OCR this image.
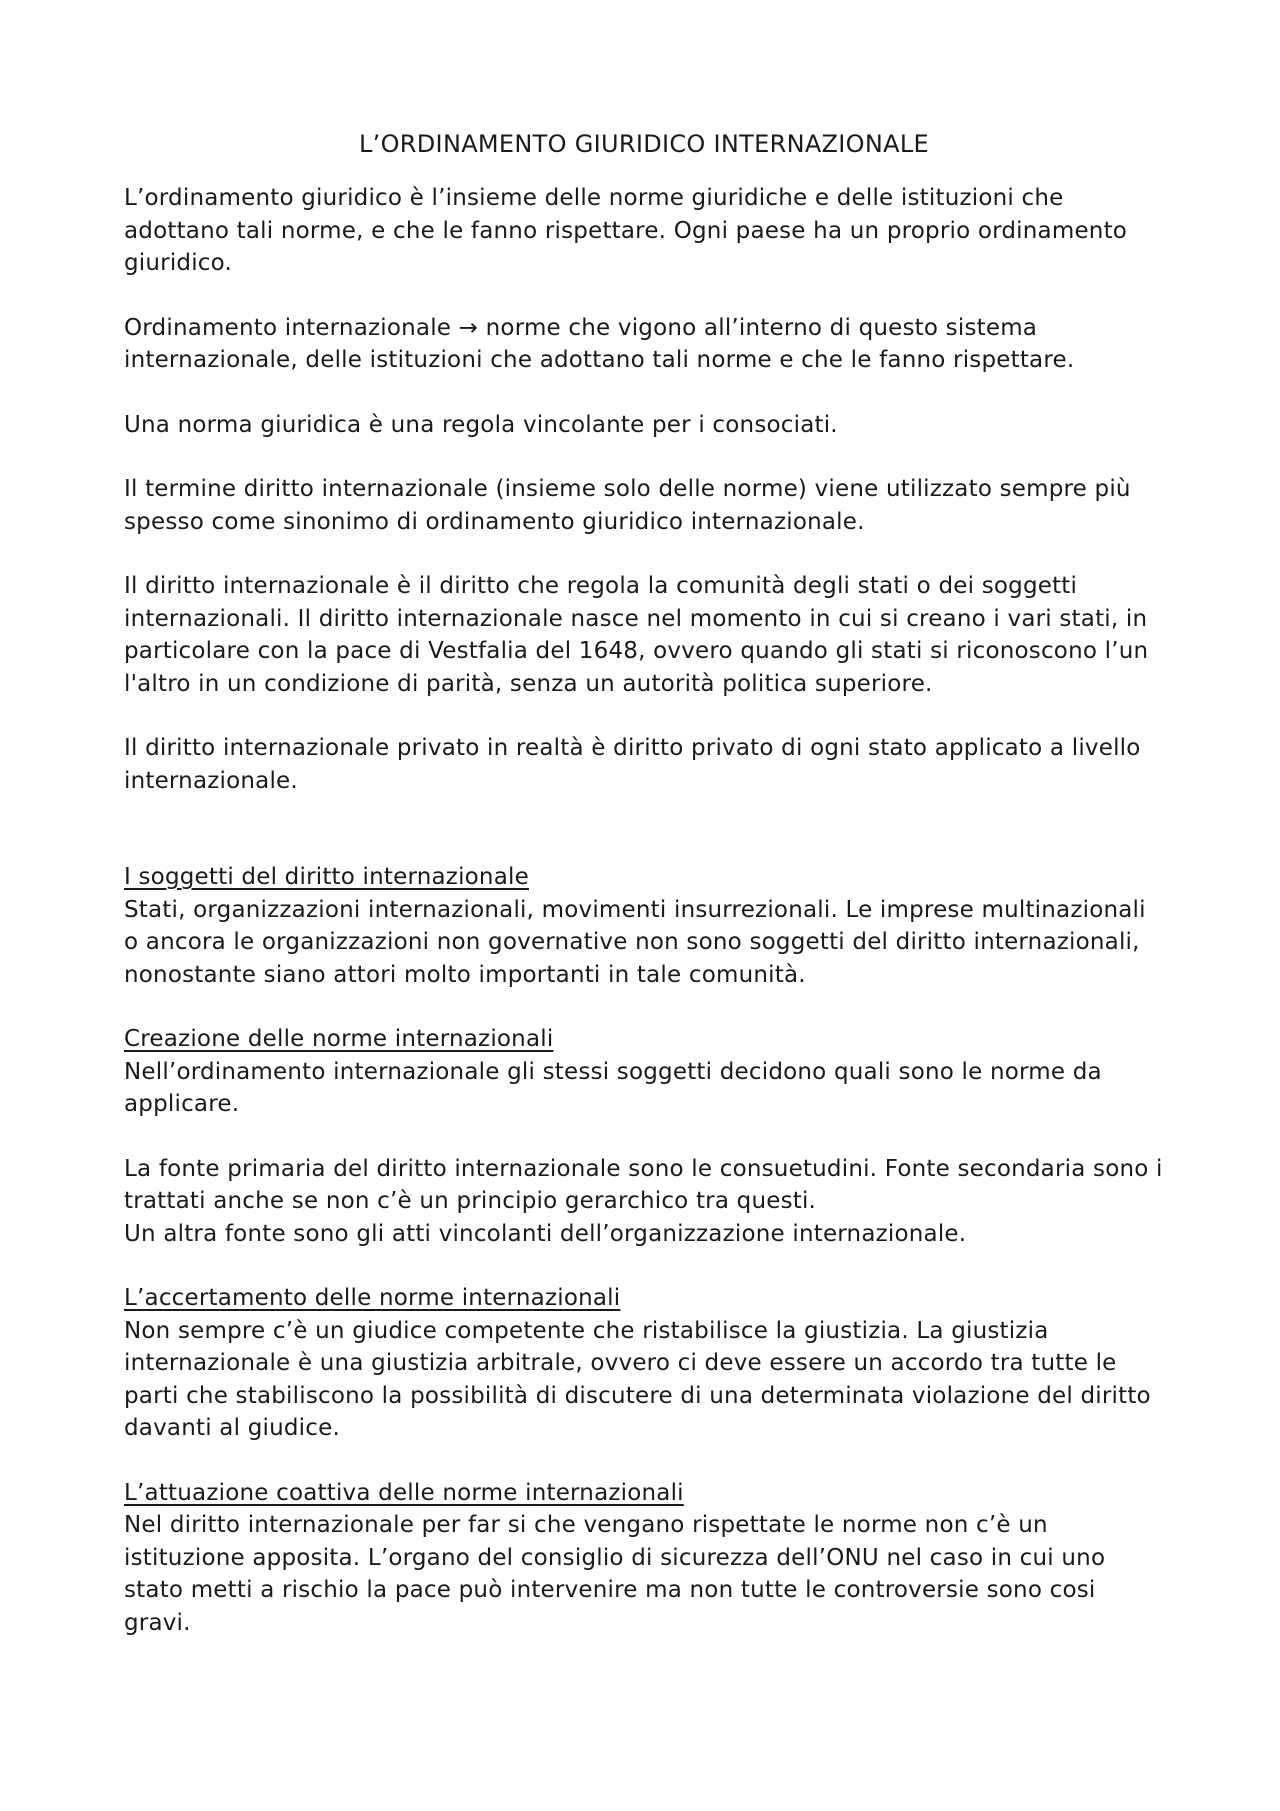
L’ORDINAMENTO GIURIDICO INTERNAZIONALE

L’ordinamento giuridico è l’insieme delle norme giuridiche e delle istituzioni che adottano tali norme, e che le fanno rispettare. Ogni paese ha un proprio ordinamento giuridico.

Ordinamento internazionale → norme che vigono all’interno di questo sistema internazionale, delle istituzioni che adottano tali norme e che le fanno rispettare.

Una norma giuridica è una regola vincolante per i consociati.

Il termine diritto internazionale (insieme solo delle norme) viene utilizzato sempre più spesso come sinonimo di ordinamento giuridico internazionale.

Il diritto internazionale è il diritto che regola la comunità degli stati o dei soggetti internazionali. Il diritto internazionale nasce nel momento in cui si creano i vari stati, in particolare con la pace di Vestfalia del 1648, ovvero quando gli stati si riconoscono l’un l'altro in un condizione di parità, senza un autorità politica superiore.

Il diritto internazionale privato in realtà è diritto privato di ogni stato applicato a livello internazionale.

I soggetti del diritto internazionale

Stati, organizzazioni internazionali, movimenti insurrezionali. Le imprese multinazionali o ancora le organizzazioni non governative non sono soggetti del diritto internazionali, nonostante siano attori molto importanti in tale comunità.

Creazione delle norme internazionali

Nell’ordinamento internazionale gli stessi soggetti decidono quali sono le norme da applicare.

La fonte primaria del diritto internazionale sono le consuetudini. Fonte secondaria sono i trattati anche se non c’è un principio gerarchico tra questi.

Un altra fonte sono gli atti vincolanti dell’organizzazione internazionale.

L’accertamento delle norme internazionali

Non sempre c’è un giudice competente che ristabilisce la giustizia. La giustizia internazionale è una giustizia arbitrale, ovvero ci deve essere un accordo tra tutte le parti che stabiliscono la possibilità di discutere di una determinata violazione del diritto davanti al giudice.

L’attuazione coattiva delle norme internazionali

Nel diritto internazionale per far si che vengano rispettate le norme non c’è un istituzione apposita. L’organo del consiglio di sicurezza dell’ONU nel caso in cui uno stato metti a rischio la pace può intervenire ma non tutte le controversie sono cosi gravi.
